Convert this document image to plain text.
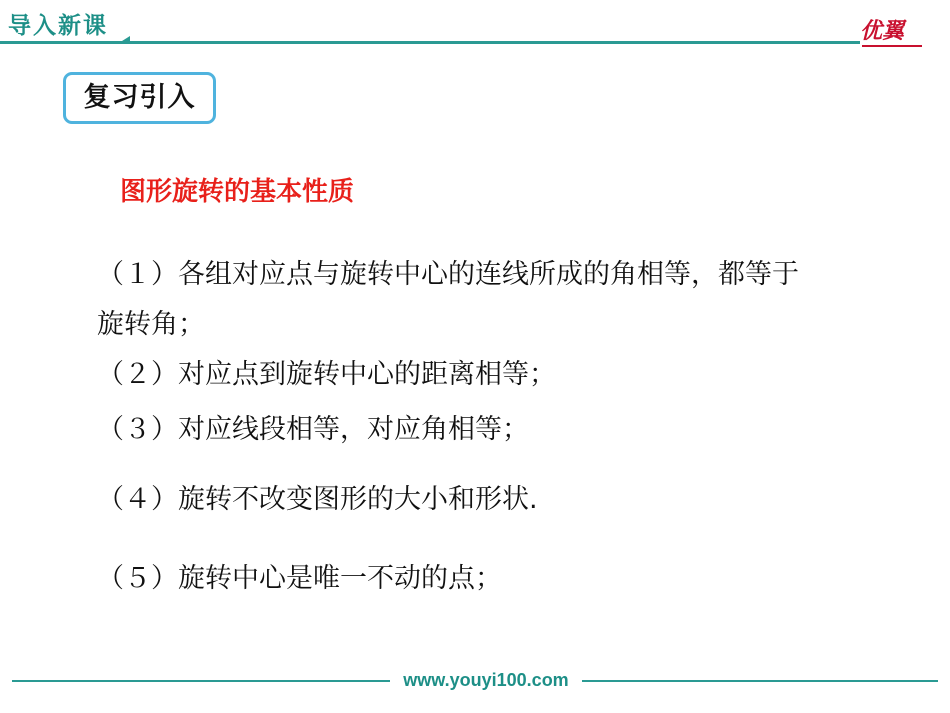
导入新课	优翼
复习引入
图形旋转的基本性质
（１）各组对应点与旋转中心的连线所成的角相等，都等于
旋转角；
（２）对应点到旋转中心的距离相等；
（３）对应线段相等，对应角相等；
（４）旋转不改变图形的大小和形状.
（５）旋转中心是唯一不动的点；
www.youyi100.com
